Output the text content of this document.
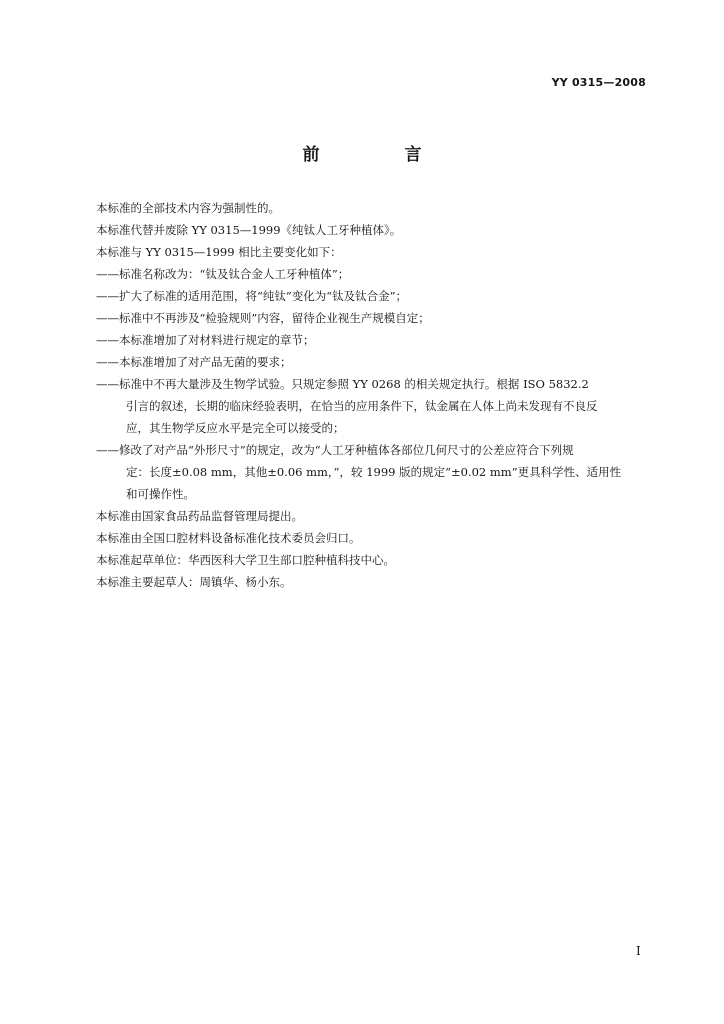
YY 0315—2008
前　言

本标准的全部技术内容为强制性的。

本标准代替并废除 YY 0315—1999《纯钛人工牙种植体》。

本标准与 YY 0315—1999 相比主要变化如下：

——标准名称改为：“钛及钛合金人工牙种植体”；

——扩大了标准的适用范围，将“纯钛”变化为“钛及钛合金”；

——标准中不再涉及“检验规则”内容，留待企业视生产规模自定；

——本标准增加了对材料进行规定的章节；

——本标准增加了对产品无菌的要求；

——标准中不再大量涉及生物学试验。只规定参照 YY 0268 的相关规定执行。根据 ISO 5832.2

引言的叙述，长期的临床经验表明，在恰当的应用条件下，钛金属在人体上尚未发现有不良反

应，其生物学反应水平是完全可以接受的；

——修改了对产品“外形尺寸”的规定，改为“人工牙种植体各部位几何尺寸的公差应符合下列规

定：长度±0.08 mm，其他±0.06 mm，”，较 1999 版的规定“±0.02 mm”更具科学性、适用性

和可操作性。

本标准由国家食品药品监督管理局提出。

本标准由全国口腔材料设备标准化技术委员会归口。

本标准起草单位：华西医科大学卫生部口腔种植科技中心。

本标准主要起草人：周镇华、杨小东。

I
